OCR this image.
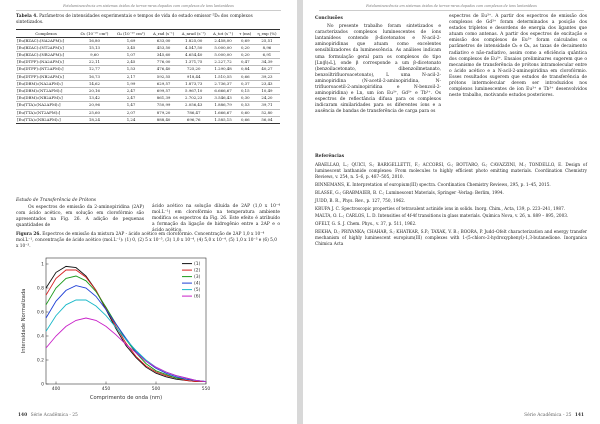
Fotoluminescência em sistemas óxidos de terras-raras dopados com complexos de íons lantanídeos
Tabela 4. Parâmetros de intensidades experimentais e tempos de vida do estado emissor ⁵D₀ dos complexos sintetizados.
Complexos	Ω₂ (10⁻²⁰ cm²)	Ω₄ (10⁻²⁰ cm²)	A_rad (s⁻¹)	A_nrad (s⁻¹)	A_tot (s⁻¹)	τ (ms)	η_exp (%)
[Eu(BZAC)₃(NA2APM)₂]	16,80	1,69	633,00	1.825,00	2.458,00	0,69	25,51
[Eu(BZAC)₃(NT2APM)₂]	15,13	3,45	453,50	4.547,50	5.000,00	0,20	8,96
[Eu(BZAC)₃(NB2APM)₂]	9,60	1,07	345,60	4.654,40	5.000,00	0,20	6,91
[Eu(DTFF)₃(NA2APM)₂]	22,11	2,45	776,00	1.371,75	2.227,72	0,47	34,39
[Eu(DTFF)₃(NT2APM)₂]	12,77	1,53	476,40	725,20	1.290,48	0,84	40,27
[Eu(DTFF)₃(NB2APM)₂]	16,73	2,17	592,55	918,44	1.510,55	0,66	39,23
[Eu(DBM)₃(NA2APM)₂]	14,62	1,99	629,57	1.873,73	2.736,37	0,37	23,43
[Eu(DBM)₃(NT2APM)₂]	20,16	2,47	699,57	5.967,10	6.666,67	0,15	10,49
[Eu(DBM)₃(NB2APM)₂]	13,42	2,47	861,39	2.702,23	3.546,43	0,30	24,20
[Eu(TTA)₃(NA2APM)₂]	20,96	1,47	750,99	2.056,43	1.886,79	0,53	39,71
[Eu(TTA)₃(NT2APM)₂]	25,60	2,07	879,20	786,47	1.666,67	0,60	52,80
[Eu(TTA)₃(NB2APM)₂]	18,24	1,24	888,40	696,76	1.585,15	0,66	56,04
Estudo de Transferência de Prótons

Os espectros de emissão da 2-aminopiridina (2AP) com ácido acético, em solução em clorofórmio são apresentados na Fig. 26. A adição de pequenas quantidades de

ácido acético na solução diluída de 2AP (1,0 x 10⁻⁴ mol.L⁻¹) em clorofórmio na temperatura ambiente modifica os espectros da Fig. 26. Este efeito é atribuído a formação da ligação de hidrogênio entre a 2AP e o ácido acético.

Figura 26. Espectros de emissão da mistura 2AP - ácido acético em clorofórmio. Concentração de 2AP 1,0 x 10⁻⁴ mol.L⁻¹, concentração de ácido acético (mol.L⁻¹): (1) 0, (2) 5 x 10⁻⁵, (3) 1,0 x 10⁻⁴, (4) 5,0 x 10⁻⁴, (5) 1,0 x 10⁻³ e (6) 5,0 x 10⁻³.
400	450	500	550
0
0.2
0.4
0.6
0.8
1
Comprimento de onda (nm)
Intensidade Normalizada
(1)
(2)
(3)
(4)
(5)
(6)
140 Série Acadêmica - 25
Fotoluminescência em sistemas óxidos de terras-raras dopados com complexos de íons lantanídeos
Conclusões

No presente trabalho foram sintetizados e caracterizados complexos luminescentes de íons lantanídeos contendo β-dicetonatos e N-acil-2-aminopiridinas que atuam como excelentes sensibilizadores da luminescência. As análises indicam uma formulação geral para os complexos do tipo [Ln(β)₃L], onde β corresponde a um β-dicetonato (benzoilacetonato, dibenzoilmetanato, benzoiltrifluoroacetonato), L uma N-acil-2-aminopiridina (N-acetil-2-aminopiridina, N-trifluoroacetil-2-aminopiridina e N-benzoil-2-aminopiridina) e Ln, um íon Eu³⁺, Gd³⁺ e Tb³⁺. Os espectros de reflectância difusa para os complexos indicaram similaridades para os diferentes íons e a ausência de bandas de transferência de carga para os

espectros de Eu³⁺. A partir dos espectros de emissão dos complexos de Gd³⁺ foram determinados a posição dos estados tripletos e desordens de energia dos ligantes que atuam como antenas. A partir dos espectros de excitação e emissão dos complexos de Eu³⁺ foram calculados os parâmetros de intensidade Ω₂ e Ω₄, as taxas de decaimento radiativo e não-radiativo, assim como a eficiência quântica dos complexos de Eu³⁺. Ensaios preliminares sugerem que o mecanismo de transferência de prótons intramolecular entre o ácido acético e a N-acil-2-aminopiridina em clorofórmio. Esses resultados sugerem que estudos de transferência de prótons intermolecular devem ser introduzidos nos complexos luminescentes de íon Eu³⁺ e Tb³⁺ desenvolvidos neste trabalho, motivando estudos posteriores.

Referências

ABAELLAO, L.; QUICI, S.; BARIGELLETTI, F.; ACCORSI, G.; BOTTARO, G.; CAVAZZINI, M.; TONDELLO, E. Design of luminescent lanthanide complexes: From molecules to highly efficient photo emitting materials. Coordination Chemistry Reviews, v. 254, n. 5–6, p. 487–505, 2010.

BINNEMANS, K. Interpretation of europium(III) spectra. Coordination Chemistry Reviews, 295, p. 1–45, 2015.

BLASSE, G.; GRABMAIER, B. C.; Luminescent Materials, Springer -Verlag: Berlim, 1994.

JUDD, B. R., Phys. Rev., p. 127, 750, 1962.

KRUPA J. C. Spectroscopic properties of tetravalent actinide ions in solids. Inorg. Chim., Acta, 139, p. 223–241, 1987.

MALTA, O. L.; CARLOS, L. D. Intensities of 4f-4f transitions in glass materials. Química Nova, v. 26, n. 889 – 895, 2003.

OFELT, G. S. J. Chem. Phys., v. 37, p. 511, 1962.

REKHA, D.; PRIYANKA; CHAHAR, S.; KHATKAR, S.P.; TAXAK, V. B.; BOORA, P. Judd–Ofelt characterization and energy transfer mechanism of highly luminescent europium(III) complexes with 1-(5-chloro-2-hydroxyphenyl)-1,3-butanedione. Inorganica Chimica Acta

Série Acadêmica - 25 141
